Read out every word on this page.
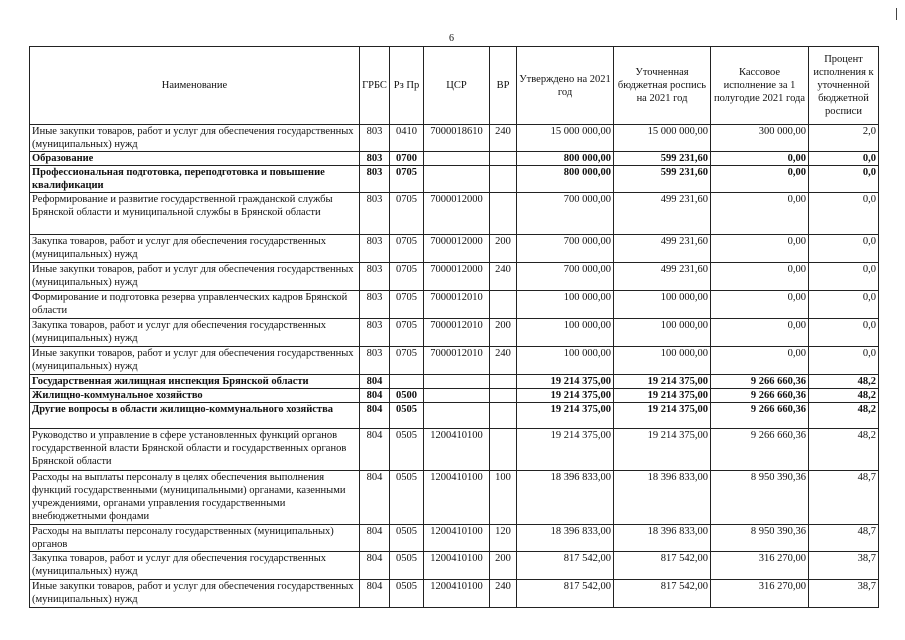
6
Наименование	ГРБС	Рз Пр	ЦСР	ВР	Утверждено на 2021 год	Уточненная бюджетная роспись на 2021 год	Кассовое исполнение за 1 полугодие 2021 года	Процент исполнения к уточненной бюджетной росписи
Иные закупки товаров, работ и услуг для обеспечения государственных (муниципальных) нужд	803	0410	7000018610	240	15 000 000,00	15 000 000,00	300 000,00	2,0
Образование	803	0700			800 000,00	599 231,60	0,00	0,0
Профессиональная подготовка, переподготовка и повышение квалификации	803	0705			800 000,00	599 231,60	0,00	0,0
Реформирование и развитие государственной гражданской службы Брянской области и муниципальной службы в Брянской области	803	0705	7000012000		700 000,00	499 231,60	0,00	0,0
Закупка товаров, работ и услуг для обеспечения государственных (муниципальных) нужд	803	0705	7000012000	200	700 000,00	499 231,60	0,00	0,0
Иные закупки товаров, работ и услуг для обеспечения государственных (муниципальных) нужд	803	0705	7000012000	240	700 000,00	499 231,60	0,00	0,0
Формирование и подготовка резерва управленческих кадров Брянской области	803	0705	7000012010		100 000,00	100 000,00	0,00	0,0
Закупка товаров, работ и услуг для обеспечения государственных (муниципальных) нужд	803	0705	7000012010	200	100 000,00	100 000,00	0,00	0,0
Иные закупки товаров, работ и услуг для обеспечения государственных (муниципальных) нужд	803	0705	7000012010	240	100 000,00	100 000,00	0,00	0,0
Государственная жилищная инспекция Брянской области	804				19 214 375,00	19 214 375,00	9 266 660,36	48,2
Жилищно-коммунальное хозяйство	804	0500			19 214 375,00	19 214 375,00	9 266 660,36	48,2
Другие вопросы в области жилищно-коммунального хозяйства	804	0505			19 214 375,00	19 214 375,00	9 266 660,36	48,2
Руководство и управление в сфере установленных функций органов государственной власти Брянской области и государственных органов Брянской области	804	0505	1200410100		19 214 375,00	19 214 375,00	9 266 660,36	48,2
Расходы на выплаты персоналу в целях обеспечения выполнения функций государственными (муниципальными) органами, казенными учреждениями, органами управления государственными внебюджетными фондами	804	0505	1200410100	100	18 396 833,00	18 396 833,00	8 950 390,36	48,7
Расходы на выплаты персоналу государственных (муниципальных) органов	804	0505	1200410100	120	18 396 833,00	18 396 833,00	8 950 390,36	48,7
Закупка товаров, работ и услуг для обеспечения государственных (муниципальных) нужд	804	0505	1200410100	200	817 542,00	817 542,00	316 270,00	38,7
Иные закупки товаров, работ и услуг для обеспечения государственных (муниципальных) нужд	804	0505	1200410100	240	817 542,00	817 542,00	316 270,00	38,7
